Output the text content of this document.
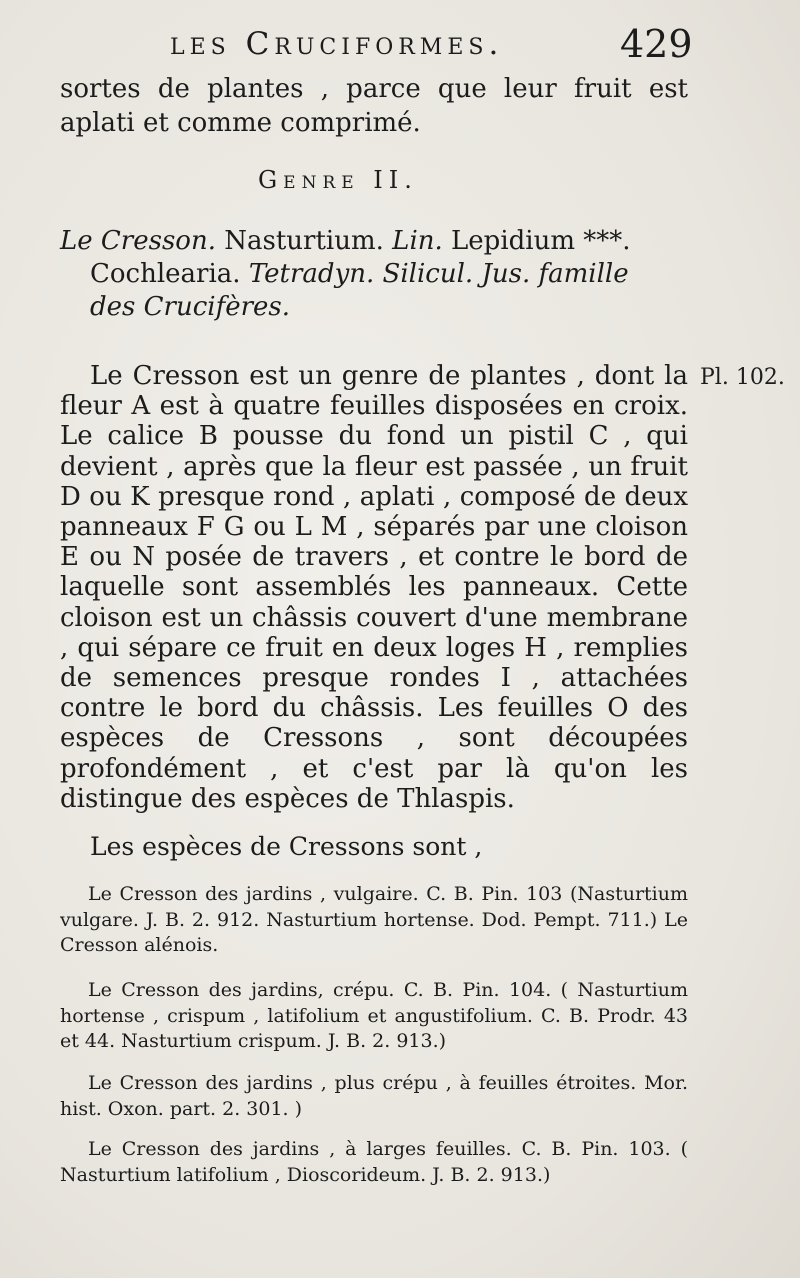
les Cruciformes.	429
sortes de plantes , parce que leur fruit est aplati et comme comprimé.
Genre II.
Le Cresson. Nasturtium. Lin. Lepidium ***.
Cochlearia. Tetradyn. Silicul. Jus. famille
des Crucifères.
Le Cresson est un genre de plantes , dont la fleur A est à quatre feuilles disposées en croix. Le calice B pousse du fond un pistil C , qui devient , après que la fleur est passée , un fruit D ou K presque rond , aplati , composé de deux panneaux F G ou L M , séparés par une cloison E ou N posée de travers , et contre le bord de laquelle sont assemblés les panneaux. Cette cloison est un châssis couvert d'une membrane , qui sépare ce fruit en deux loges H , remplies de semences presque rondes I , attachées contre le bord du châssis. Les feuilles O des espèces de Cressons , sont découpées profondément , et c'est par là qu'on les distingue des espèces de Thlaspis.
Pl. 102.
Les espèces de Cressons sont ,
Le Cresson des jardins , vulgaire. C. B. Pin. 103 (Nasturtium vulgare. J. B. 2. 912. Nasturtium hortense. Dod. Pempt. 711.) Le Cresson alénois.
Le Cresson des jardins, crépu. C. B. Pin. 104. ( Nasturtium hortense , crispum , latifolium et angustifolium. C. B. Prodr. 43 et 44. Nasturtium crispum. J. B. 2. 913.)
Le Cresson des jardins , plus crépu , à feuilles étroites. Mor. hist. Oxon. part. 2. 301. )
Le Cresson des jardins , à larges feuilles. C. B. Pin. 103. ( Nasturtium latifolium , Dioscorideum. J. B. 2. 913.)
